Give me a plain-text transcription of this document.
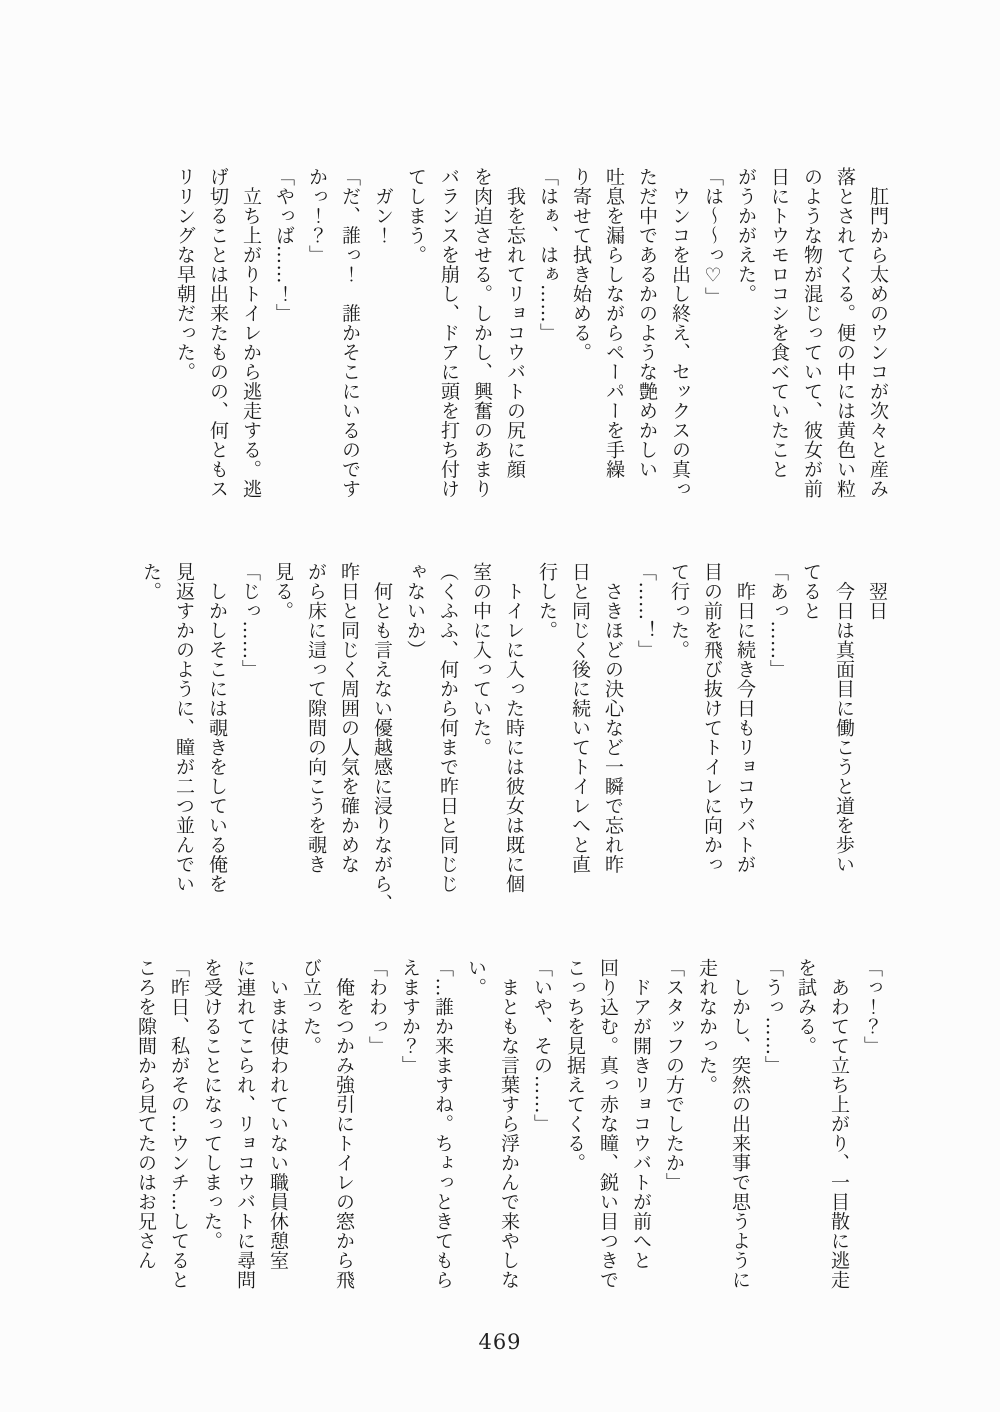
　肛門から太めのウンコが次々と産み
落とされてくる。便の中には黄色い粒
のような物が混じっていて、彼女が前
日にトウモロコシを食べていたこと
がうかがえた。
「は～～っ♡」
　ウンコを出し終え、セックスの真っ
ただ中であるかのような艶めかしい
吐息を漏らしながらペーパーを手繰
り寄せて拭き始める。
「はぁ、はぁ……」
　我を忘れてリョコウバトの尻に顔
を肉迫させる。しかし、興奮のあまり
バランスを崩し、ドアに頭を打ち付け
てしまう。
　ガン！
「だ、誰っ！　誰かそこにいるのです
かっ！？」
「やっば……！」
　立ち上がりトイレから逃走する。逃
げ切ることは出来たものの、何ともス
リリングな早朝だった。
　翌日
　今日は真面目に働こうと道を歩い
てると
「あっ……」
　昨日に続き今日もリョコウバトが
目の前を飛び抜けてトイレに向かっ
て行った。
「……！」
　さきほどの決心など一瞬で忘れ昨
日と同じく後に続いてトイレへと直
行した。
　トイレに入った時には彼女は既に個
室の中に入っていた。
（くふふ、何から何まで昨日と同じじ
ゃないか）
　何とも言えない優越感に浸りながら、
昨日と同じく周囲の人気を確かめな
がら床に這って隙間の向こうを覗き
見る。
「じっ……」
　しかしそこには覗きをしている俺を
見返すかのように、瞳が二つ並んでい
た。
「っ！？」
　あわてて立ち上がり、一目散に逃走
を試みる。
「うっ……」
　しかし、突然の出来事で思うように
走れなかった。
「スタッフの方でしたか」
　ドアが開きリョコウバトが前へと
回り込む。真っ赤な瞳、鋭い目つきで
こっちを見据えてくる。
「いや、その……」
　まともな言葉すら浮かんで来やしな
い。
「…誰か来ますね。ちょっときてもら
えますか？」
「わわっ」
　俺をつかみ強引にトイレの窓から飛
び立った。
　いまは使われていない職員休憩室
に連れてこられ、リョコウバトに尋問
を受けることになってしまった。
「昨日、私がその…ウンチ…してると
ころを隙間から見てたのはお兄さん
469
